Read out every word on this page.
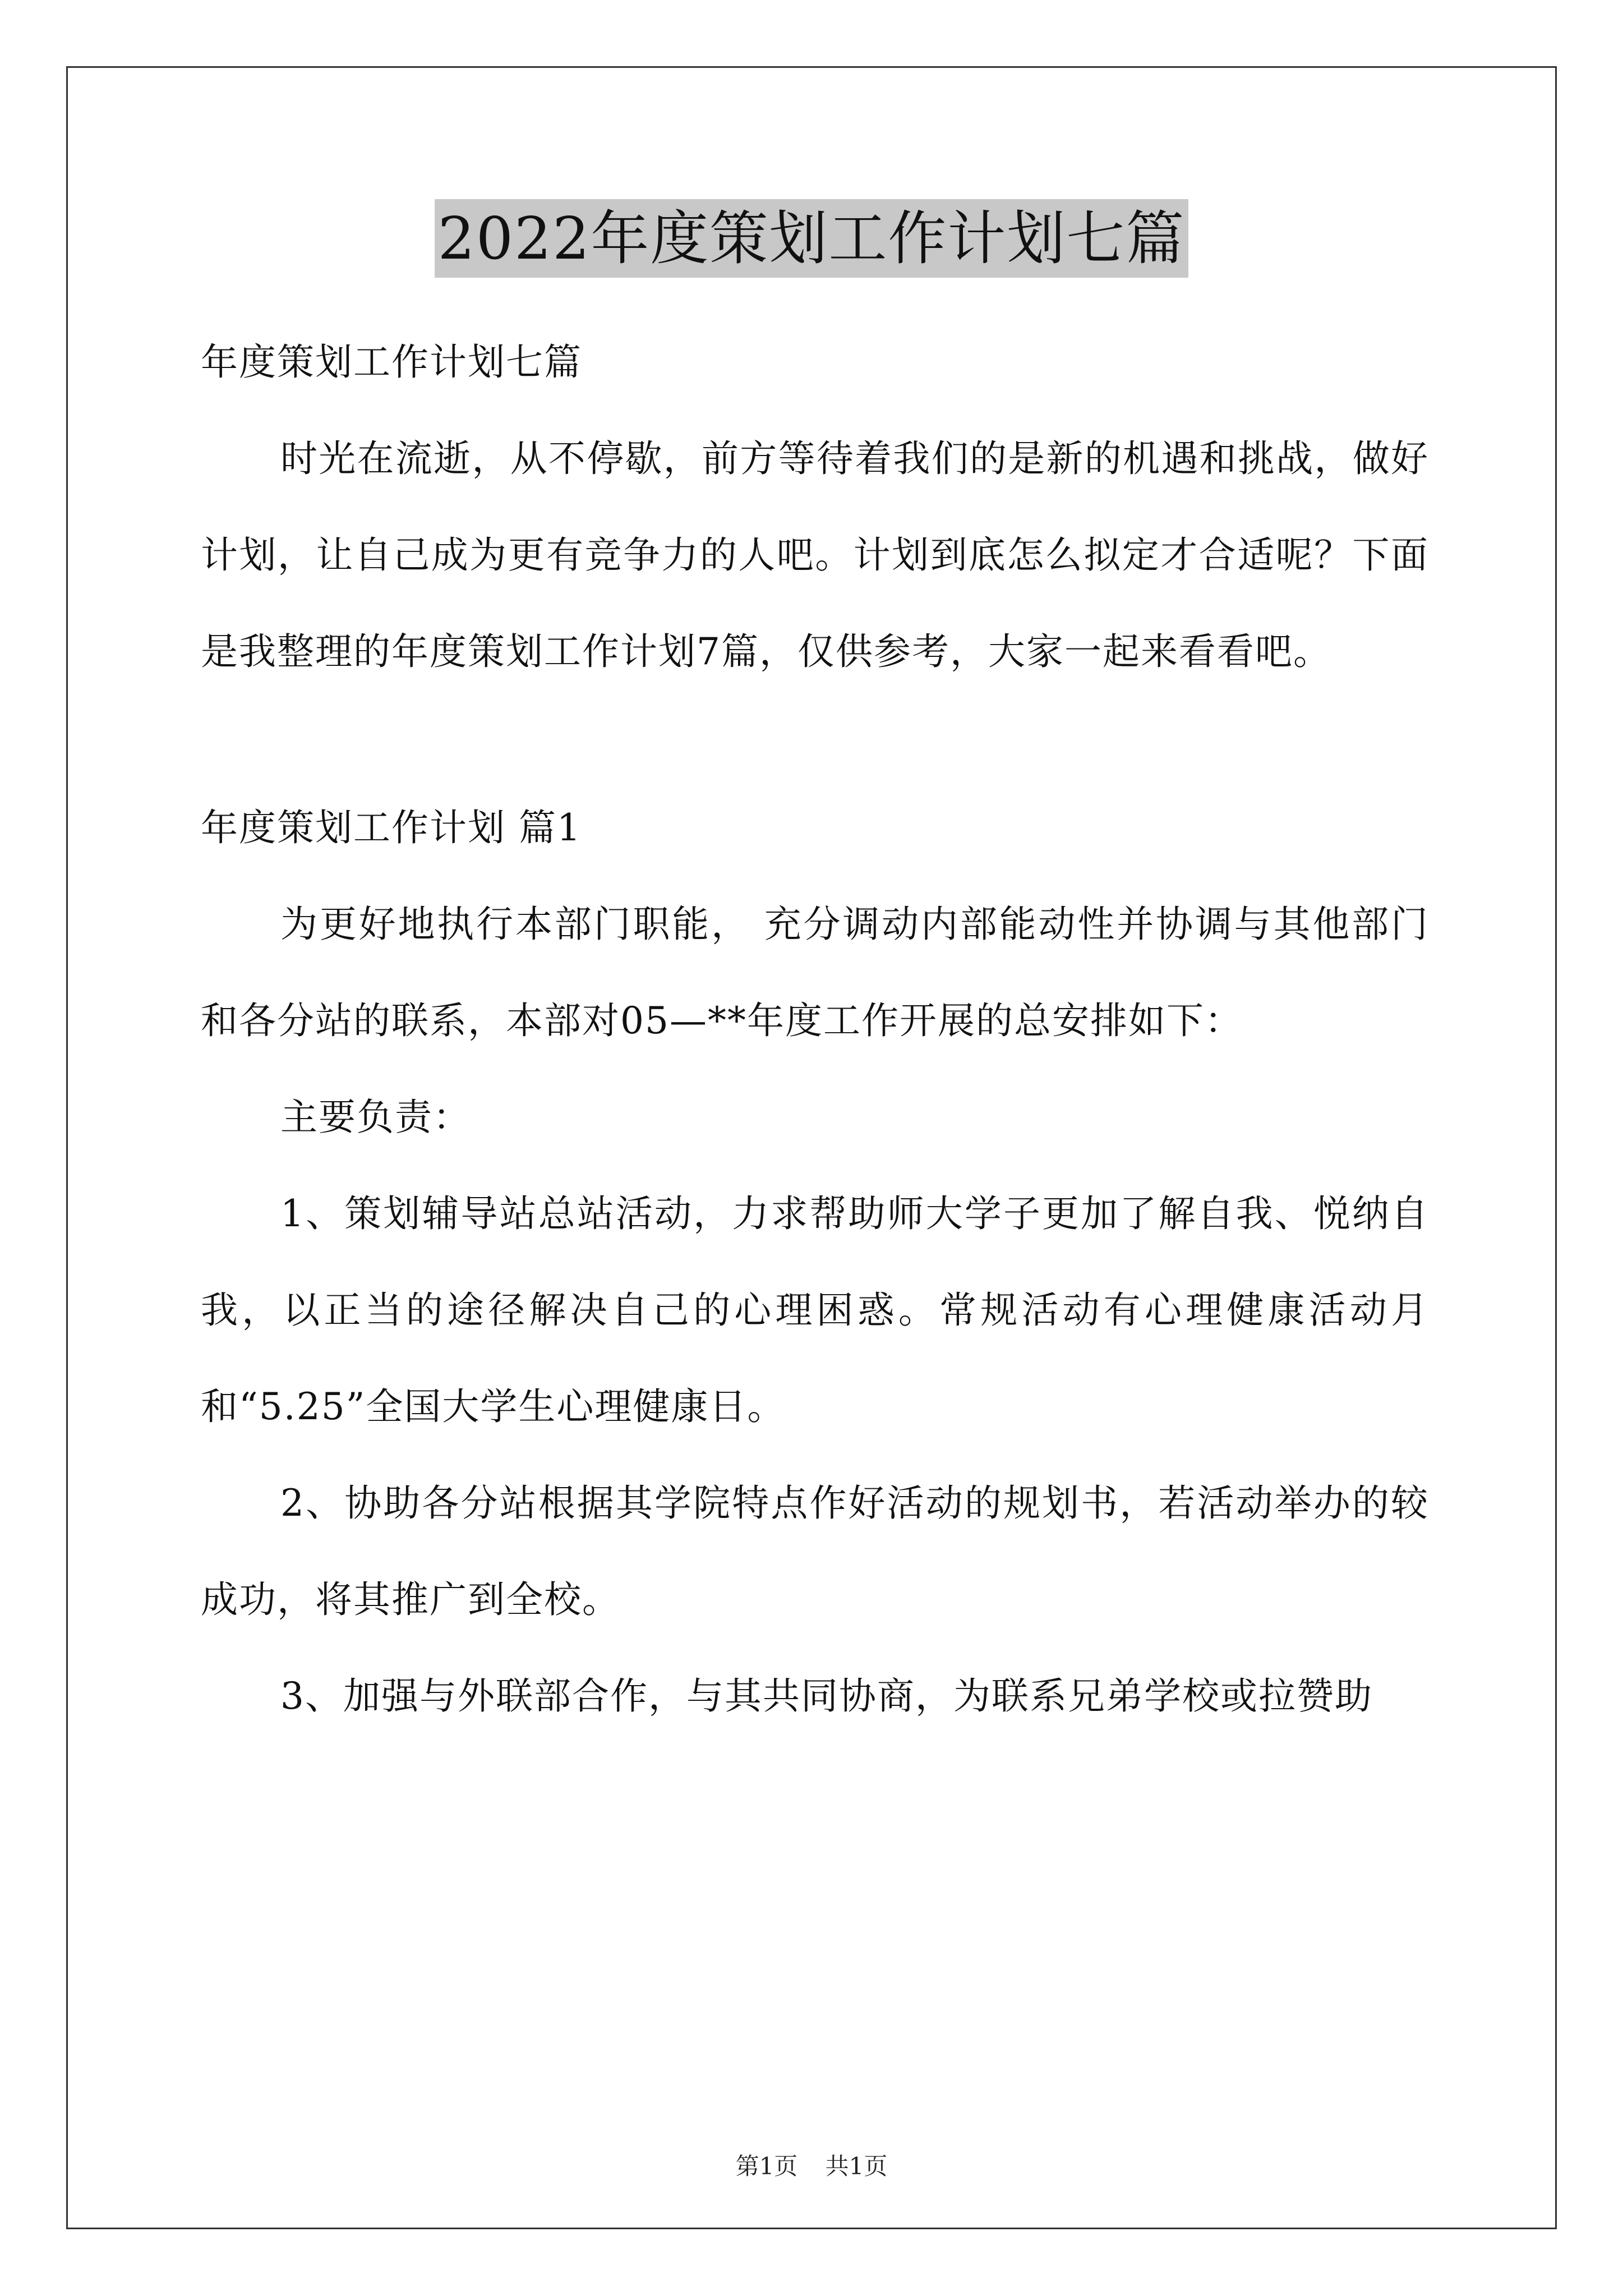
2022年度策划工作计划七篇

年度策划工作计划七篇

时光在流逝，从不停歇，前方等待着我们的是新的机遇和挑战，做好计划，让自己成为更有竞争力的人吧。计划到底怎么拟定才合适呢？下面是我整理的年度策划工作计划7篇，仅供参考，大家一起来看看吧。

年度策划工作计划 篇1

为更好地执行本部门职能， 充分调动内部能动性并协调与其他部门和各分站的联系，本部对05—**年度工作开展的总安排如下：

主要负责：

1、策划辅导站总站活动，力求帮助师大学子更加了解自我、悦纳自我，以正当的途径解决自己的心理困惑。常规活动有心理健康活动月和“5.25”全国大学生心理健康日。

2、协助各分站根据其学院特点作好活动的规划书，若活动举办的较成功，将其推广到全校。

3、加强与外联部合作，与其共同协商，为联系兄弟学校或拉赞助

第1页 共1页
